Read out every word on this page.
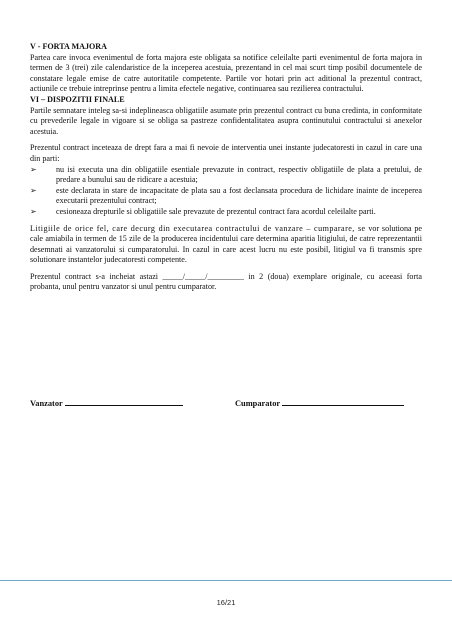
V - FORTA MAJORA

Partea care invoca evenimentul de forta majora este obligata sa notifice celeilalte parti evenimentul de forta majora in termen de 3 (trei) zile calendaristice de la inceperea acestuia, prezentand in cel mai scurt timp posibil documentele de constatare legale emise de catre autoritatile competente. Partile vor hotari prin act aditional la prezentul contract, actiunile ce trebuie intreprinse pentru a limita efectele negative, continuarea sau rezilierea contractului.

VI – DISPOZITII FINALE

Partile semnatare inteleg sa-si indeplineasca obligatiile asumate prin prezentul contract cu buna credinta, in conformitate cu prevederile legale in vigoare si se obliga sa pastreze confidentalitatea asupra continutului contractului si anexelor acestuia.

Prezentul contract inceteaza de drept fara a mai fi nevoie de interventia unei instante judecatoresti in cazul in care una din parti:

➢	nu isi executa una din obligatiile esentiale prevazute in contract, respectiv obligatiile de plata a pretului, de predare a bunului sau de ridicare a acestuia;
➢	este declarata in stare de incapacitate de plata sau a fost declansata procedura de lichidare inainte de inceperea executarii prezentului contract;
➢	cesioneaza drepturile si obligatiile sale prevazute de prezentul contract fara acordul celeilalte parti.

Litigiile de orice fel, care decurg din executarea contractului de vanzare – cumparare, se vor solutiona pe cale amiabila in termen de 15 zile de la producerea incidentului care determina aparitia litigiului, de catre reprezentantii desemnati ai vanzatorului si cumparatorului. In cazul in care acest lucru nu este posibil, litigiul va fi transmis spre solutionare instantelor judecatoresti competente.

Prezentul contract s-a incheiat astazi _____/_____/_________ in 2 (doua) exemplare originale, cu aceeasi forta probanta, unul pentru vanzator si unul pentru cumparator.

Vanzator	Cumparator
16/21
